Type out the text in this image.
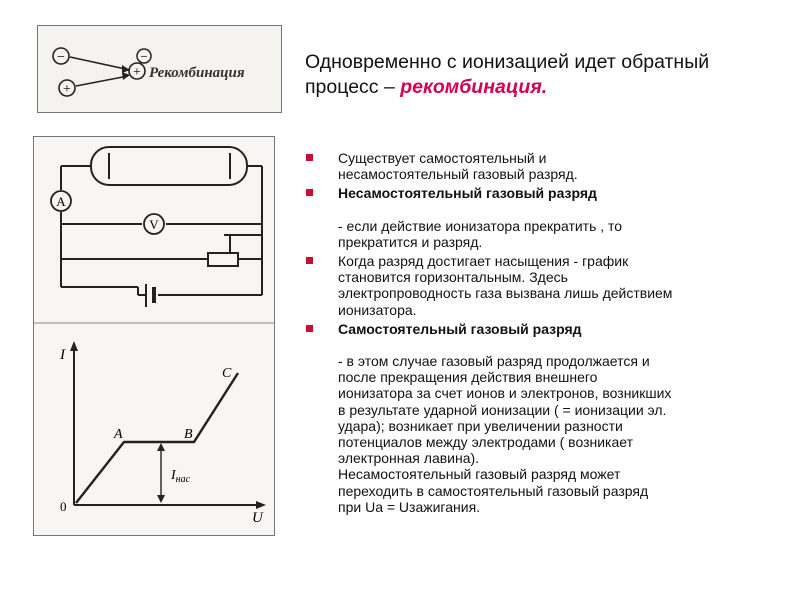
−
+
−
+ Рекомбинация	Одновременно с ионизацией идет обратный процесс – рекомбинация.
A
V
I
U
0
A	B
C
$I_{нас}$
Существует самостоятельный и
несамостоятельный газовый разряд.
Несамостоятельный газовый разряд
- если действие ионизатора прекратить , то
прекратится и разряд.
Когда разряд достигает насыщения - график
становится горизонтальным. Здесь
электропроводность газа вызвана лишь действием
ионизатора.
Самостоятельный газовый разряд
- в этом случае газовый разряд продолжается и
после прекращения действия внешнего
ионизатора за счет ионов и электронов, возникших
в результате ударной ионизации ( = ионизации эл.
удара); возникает при увеличении разности
потенциалов между электродами ( возникает
электронная лавина).
Несамостоятельный газовый разряд может
переходить в самостоятельный газовый разряд
при Ua = Uзажигания.
